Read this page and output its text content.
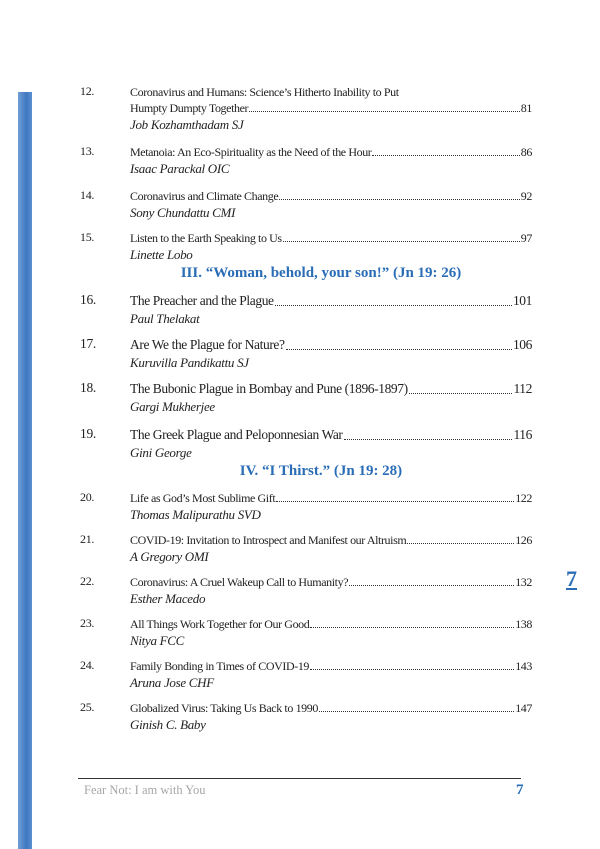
7
12.	Coronavirus and Humans: Science’s Hitherto Inability to Put
Humpty Dumpty Together	81
Job Kozhamthadam SJ
13.	Metanoia: An Eco-Spirituality as the Need of the Hour	86
Isaac Parackal OIC
14.	Coronavirus and Climate Change	92
Sony Chundattu CMI
15.	Listen to the Earth Speaking to Us	97
Linette Lobo
III. “Woman, behold, your son!” (Jn 19: 26)
16.	The Preacher and the Plague	101
Paul Thelakat
17.	Are We the Plague for Nature?	106
Kuruvilla Pandikattu SJ
18.	The Bubonic Plague in Bombay and Pune (1896-1897)	112
Gargi Mukherjee
19.	The Greek Plague and Peloponnesian War	116
Gini George
IV. “I Thirst.” (Jn 19: 28)
20.	Life as God’s Most Sublime Gift	122
Thomas Malipurathu SVD
21.	COVID-19: Invitation to Introspect and Manifest our Altruism	126
A Gregory OMI
22.	Coronavirus: A Cruel Wakeup Call to Humanity?	132
Esther Macedo
23.	All Things Work Together for Our Good	138
Nitya FCC
24.	Family Bonding in Times of COVID-19	143
Aruna Jose CHF
25.	Globalized Virus: Taking Us Back to 1990	147
Ginish C. Baby
Fear Not: I am with You	7
